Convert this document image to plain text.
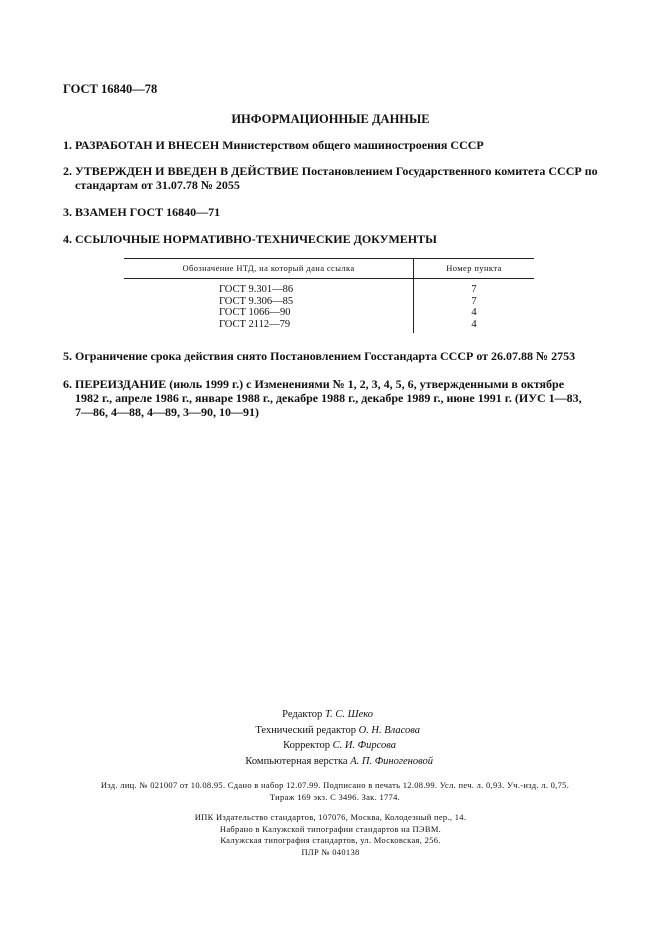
ГОСТ 16840—78
ИНФОРМАЦИОННЫЕ ДАННЫЕ
1. РАЗРАБОТАН И ВНЕСЕН Министерством общего машиностроения СССР
2. УТВЕРЖДЕН И ВВЕДЕН В ДЕЙСТВИЕ Постановлением Государственного комитета СССР по
стандартам от 31.07.78 № 2055
3. ВЗАМЕН ГОСТ 16840—71
4. ССЫЛОЧНЫЕ НОРМАТИВНО-ТЕХНИЧЕСКИЕ ДОКУМЕНТЫ
Обозначение НТД, на который дана ссылка	Номер пункта
ГОСТ 9.301—86	7
ГОСТ 9.306—85	7
ГОСТ 1066—90	4
ГОСТ 2112—79	4
5. Ограничение срока действия снято Постановлением Госстандарта СССР от 26.07.88 № 2753
6. ПЕРЕИЗДАНИЕ (июль 1999 г.) с Изменениями № 1, 2, 3, 4, 5, 6, утвержденными в октябре
1982 г., апреле 1986 г., январе 1988 г., декабре 1988 г., декабре 1989 г., июне 1991 г. (ИУС 1—83,
7—86, 4—88, 4—89, 3—90, 10—91)
Редактор Т. С. Шеко
Технический редактор О. Н. Власова
Корректор С. И. Фирсова
Компьютерная верстка А. П. Финогеновой
Изд. лиц. № 021007 от 10.08.95. Сдано в набор 12.07.99. Подписано в печать 12.08.99. Усл. печ. л. 0,93. Уч.-изд. л. 0,75.
Тираж 169 экз. С 3496. Зак. 1774.
ИПК Издательство стандартов, 107076, Москва, Колодезный пер., 14.
Набрано в Калужской типографии стандартов на ПЭВМ.
Калужская типография стандартов, ул. Московская, 256.
ПЛР № 040138
